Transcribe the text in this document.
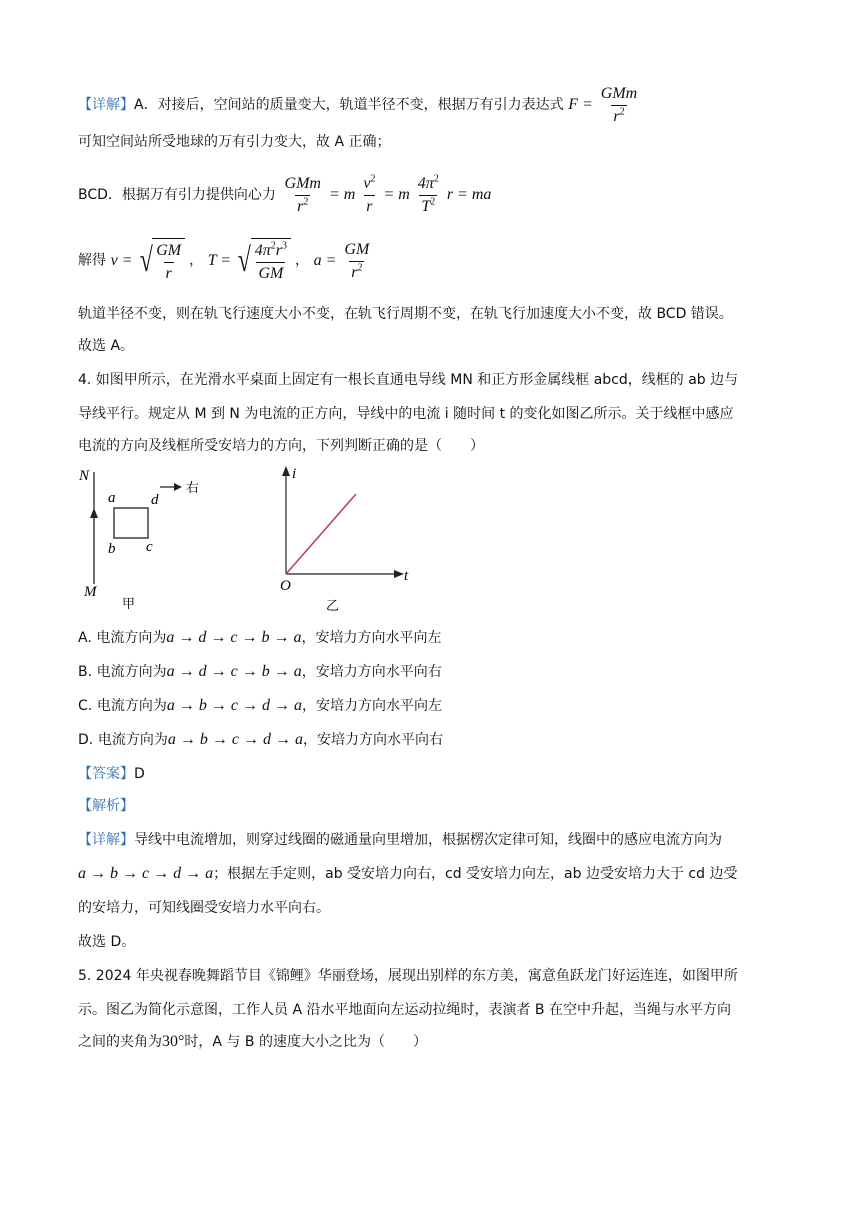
【详解】A．对接后，空间站的质量变大，轨道半径不变，根据万有引力表达式 $F = \frac{\text{GMm}}{r^2}$
可知空间站所受地球的万有引力变大，故 A 正确；
BCD．根据万有引力提供向心力 $\frac{\text{GMm}}{r^2} = m \frac{v^2}{r} = m \frac{4\pi^2}{T^2}$ r = ma
解得 v = √ $\frac{GM}{r}$ ， T = √ $\frac{4\pi^2r^3}{GM}$ ， $a = \frac{GM}{r^2}$
轨道半径不变，则在轨飞行速度大小不变，在轨飞行周期不变，在轨飞行加速度大小不变，故 BCD 错误。
故选 A。
4. 如图甲所示，在光滑水平桌面上固定有一根长直通电导线 MN 和正方形金属线框 abcd，线框的 ab 边与
导线平行。规定从 M 到 N 为电流的正方向，导线中的电流 i 随时间 t 的变化如图乙所示。关于线框中感应
电流的方向及线框所受安培力的方向，下列判断正确的是（　　）
N
M
a
b c
d
右
甲
i
t
O
乙
A. 电流方向为a → d → c → b → a，安培力方向水平向左
B. 电流方向为a → d → c → b → a，安培力方向水平向右
C. 电流方向为a → b → c → d → a，安培力方向水平向左
D. 电流方向为a → b → c → d → a，安培力方向水平向右
【答案】D
【解析】
【详解】导线中电流增加，则穿过线圈的磁通量向里增加，根据楞次定律可知，线圈中的感应电流方向为
a → b → c → d → a；根据左手定则，ab 受安培力向右，cd 受安培力向左，ab 边受安培力大于 cd 边受
的安培力，可知线圈受安培力水平向右。
故选 D。
5. 2024 年央视春晚舞蹈节目《锦鲤》华丽登场，展现出别样的东方美，寓意鱼跃龙门好运连连，如图甲所
示。图乙为简化示意图，工作人员 A 沿水平地面向左运动拉绳时，表演者 B 在空中升起，当绳与水平方向
之间的夹角为30°时，A 与 B 的速度大小之比为（　　）
